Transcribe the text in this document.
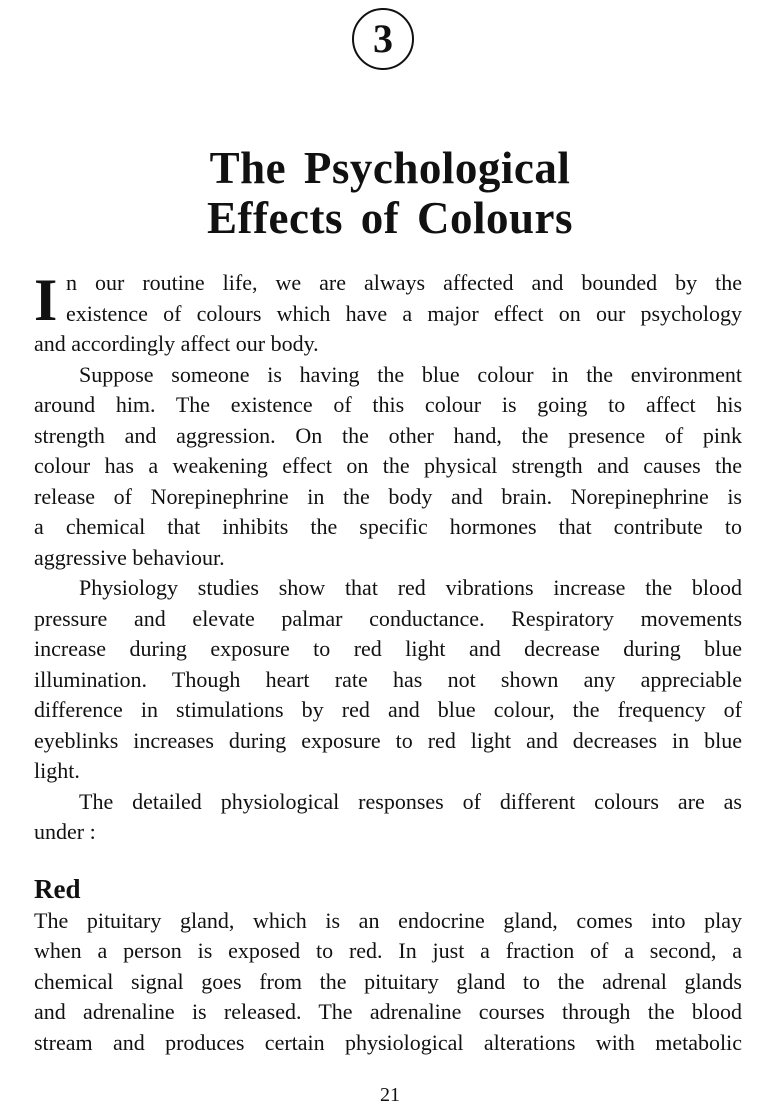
3
The Psychological
Effects of Colours
I n our routine life, we are always affected and bounded by the
existence of colours which have a major effect on our psychology
and accordingly affect our body.
Suppose someone is having the blue colour in the environment
around him. The existence of this colour is going to affect his
strength and aggression. On the other hand, the presence of pink
colour has a weakening effect on the physical strength and causes the
release of Norepinephrine in the body and brain. Norepinephrine is
a chemical that inhibits the specific hormones that contribute to
aggressive behaviour.
Physiology studies show that red vibrations increase the blood
pressure and elevate palmar conductance. Respiratory movements
increase during exposure to red light and decrease during blue
illumination. Though heart rate has not shown any appreciable
difference in stimulations by red and blue colour, the frequency of
eyeblinks increases during exposure to red light and decreases in blue
light.
The detailed physiological responses of different colours are as
under :
Red
The pituitary gland, which is an endocrine gland, comes into play
when a person is exposed to red. In just a fraction of a second, a
chemical signal goes from the pituitary gland to the adrenal glands
and adrenaline is released. The adrenaline courses through the blood
stream and produces certain physiological alterations with metabolic
21
